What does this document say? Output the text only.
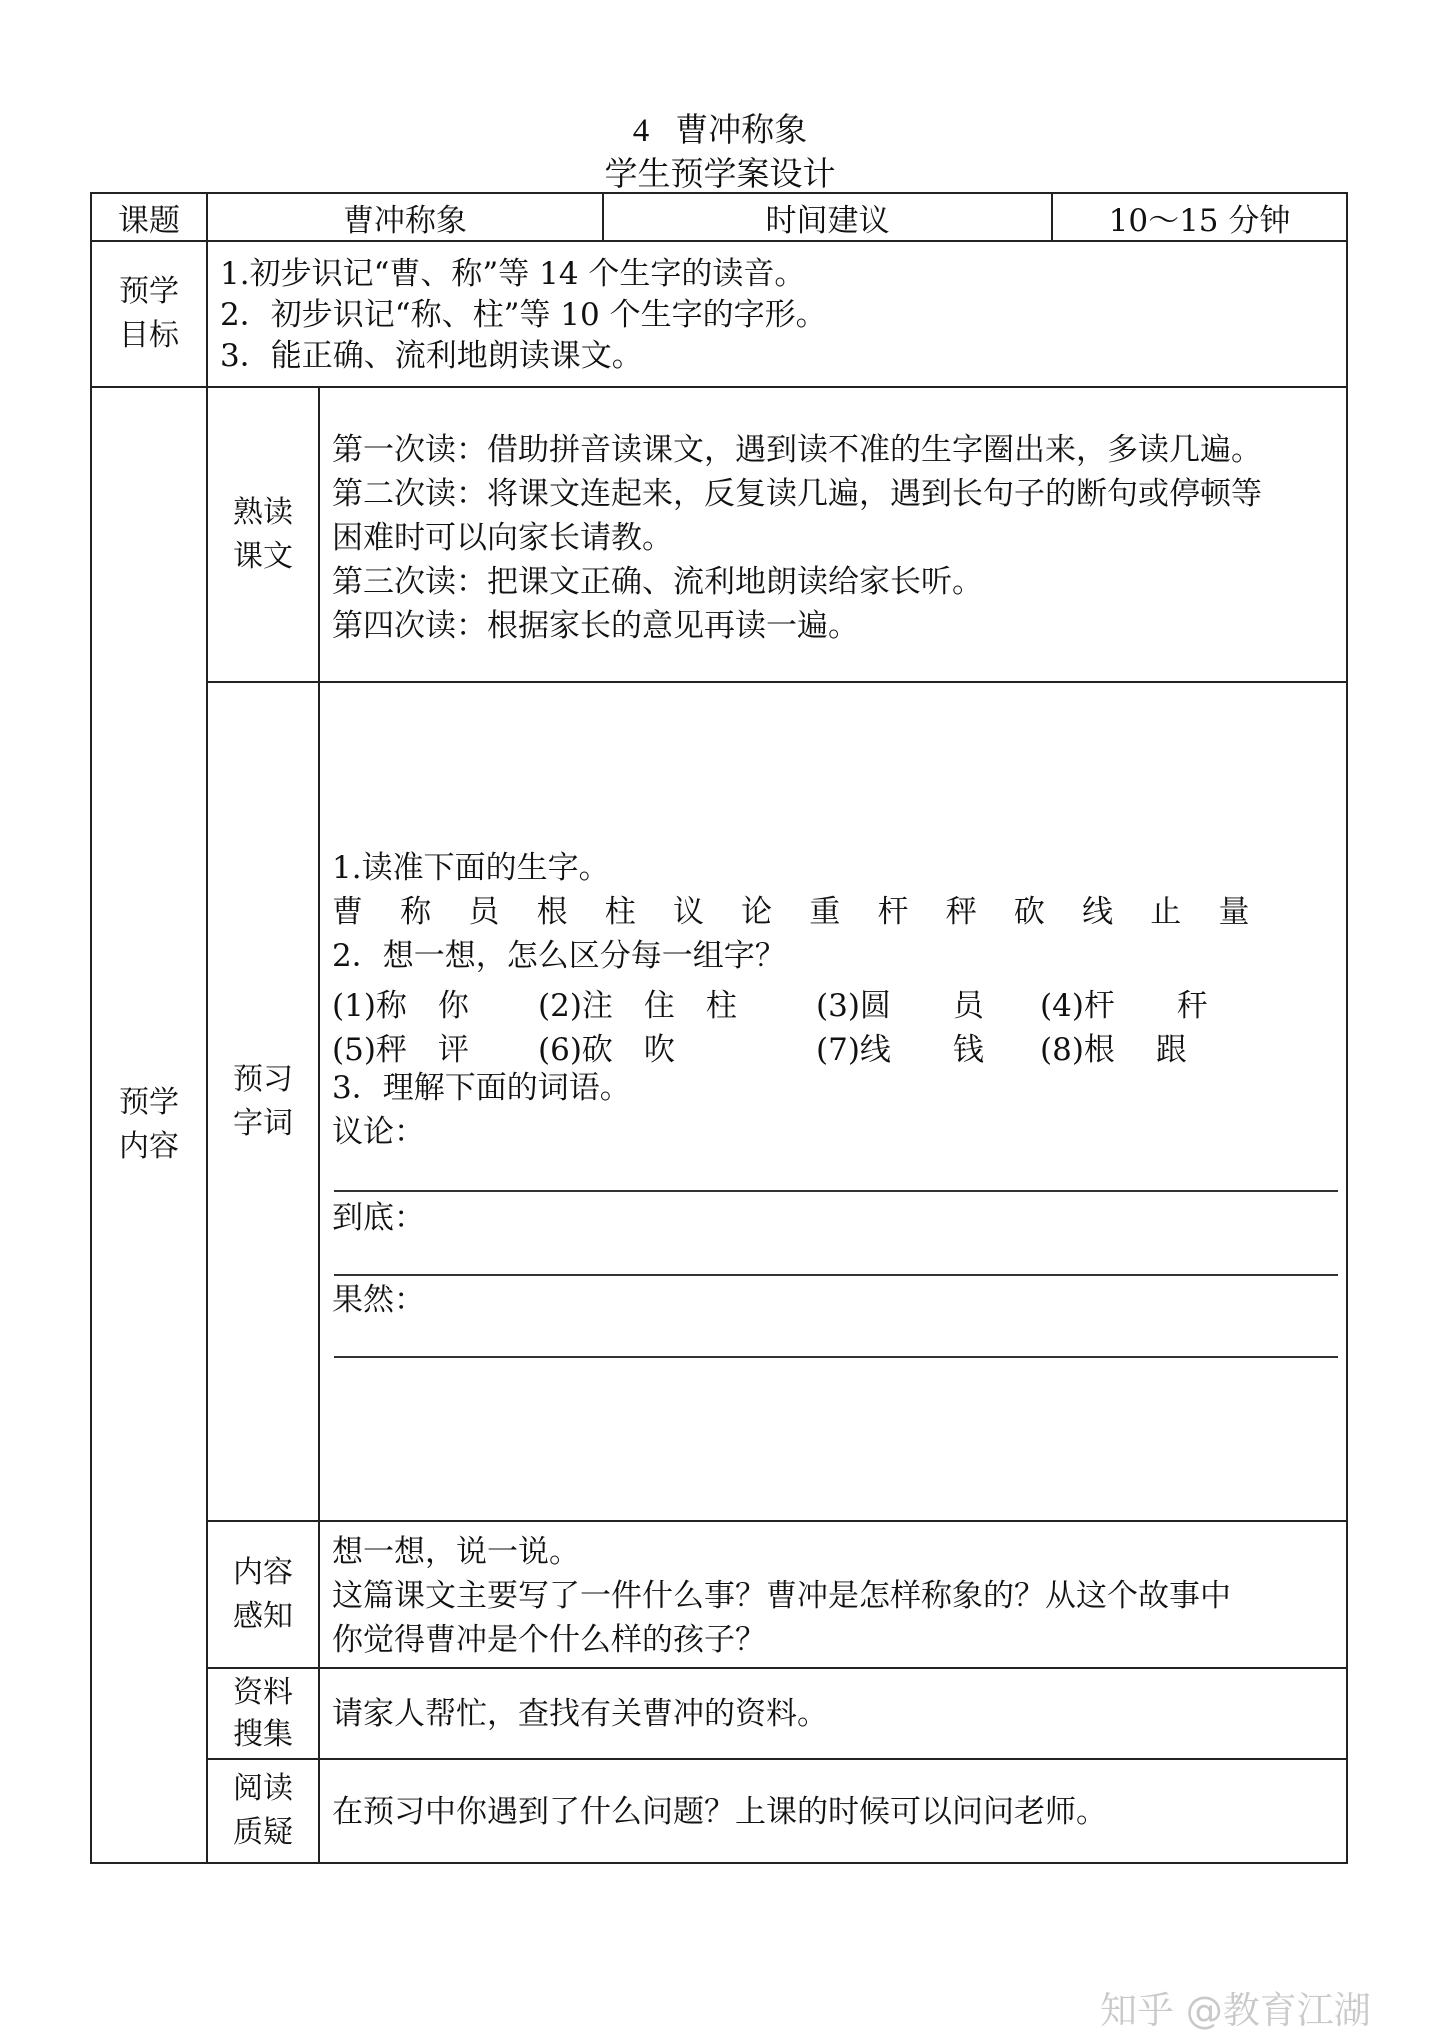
4 曹冲称象
学生预学案设计
课题	曹冲称象	时间建议	10～15 分钟
预学
目标
1.初步识记“曹、称”等 14 个生字的读音。
2．初步识记“称、柱”等 10 个生字的字形。
3．能正确、流利地朗读课文。
预学
内容
熟读
课文
第一次读：借助拼音读课文，遇到读不准的生字圈出来，多读几遍。
第二次读：将课文连起来，反复读几遍，遇到长句子的断句或停顿等
困难时可以向家长请教。
第三次读：把课文正确、流利地朗读给家长听。
第四次读：根据家长的意见再读一遍。
预习
字词
1.读准下面的生字。
曹 称 员 根 柱 议 论 重 杆 秤 砍 线 止 量
2．想一想，怎么区分每一组字？
(1)称　你 (2)注　住　柱	(3)圆　　员 (4)杆　　秆
(5)秤　评 (6)砍　吹	(7)线　　钱 (8)根　 跟
3．理解下面的词语。
议论：
到底：
果然：
内容
感知
想一想，说一说。
这篇课文主要写了一件什么事？曹冲是怎样称象的？从这个故事中
你觉得曹冲是个什么样的孩子？
资料
搜集
请家人帮忙，查找有关曹冲的资料。
阅读
质疑
在预习中你遇到了什么问题？上课的时候可以问问老师。
知乎 @教育江湖
